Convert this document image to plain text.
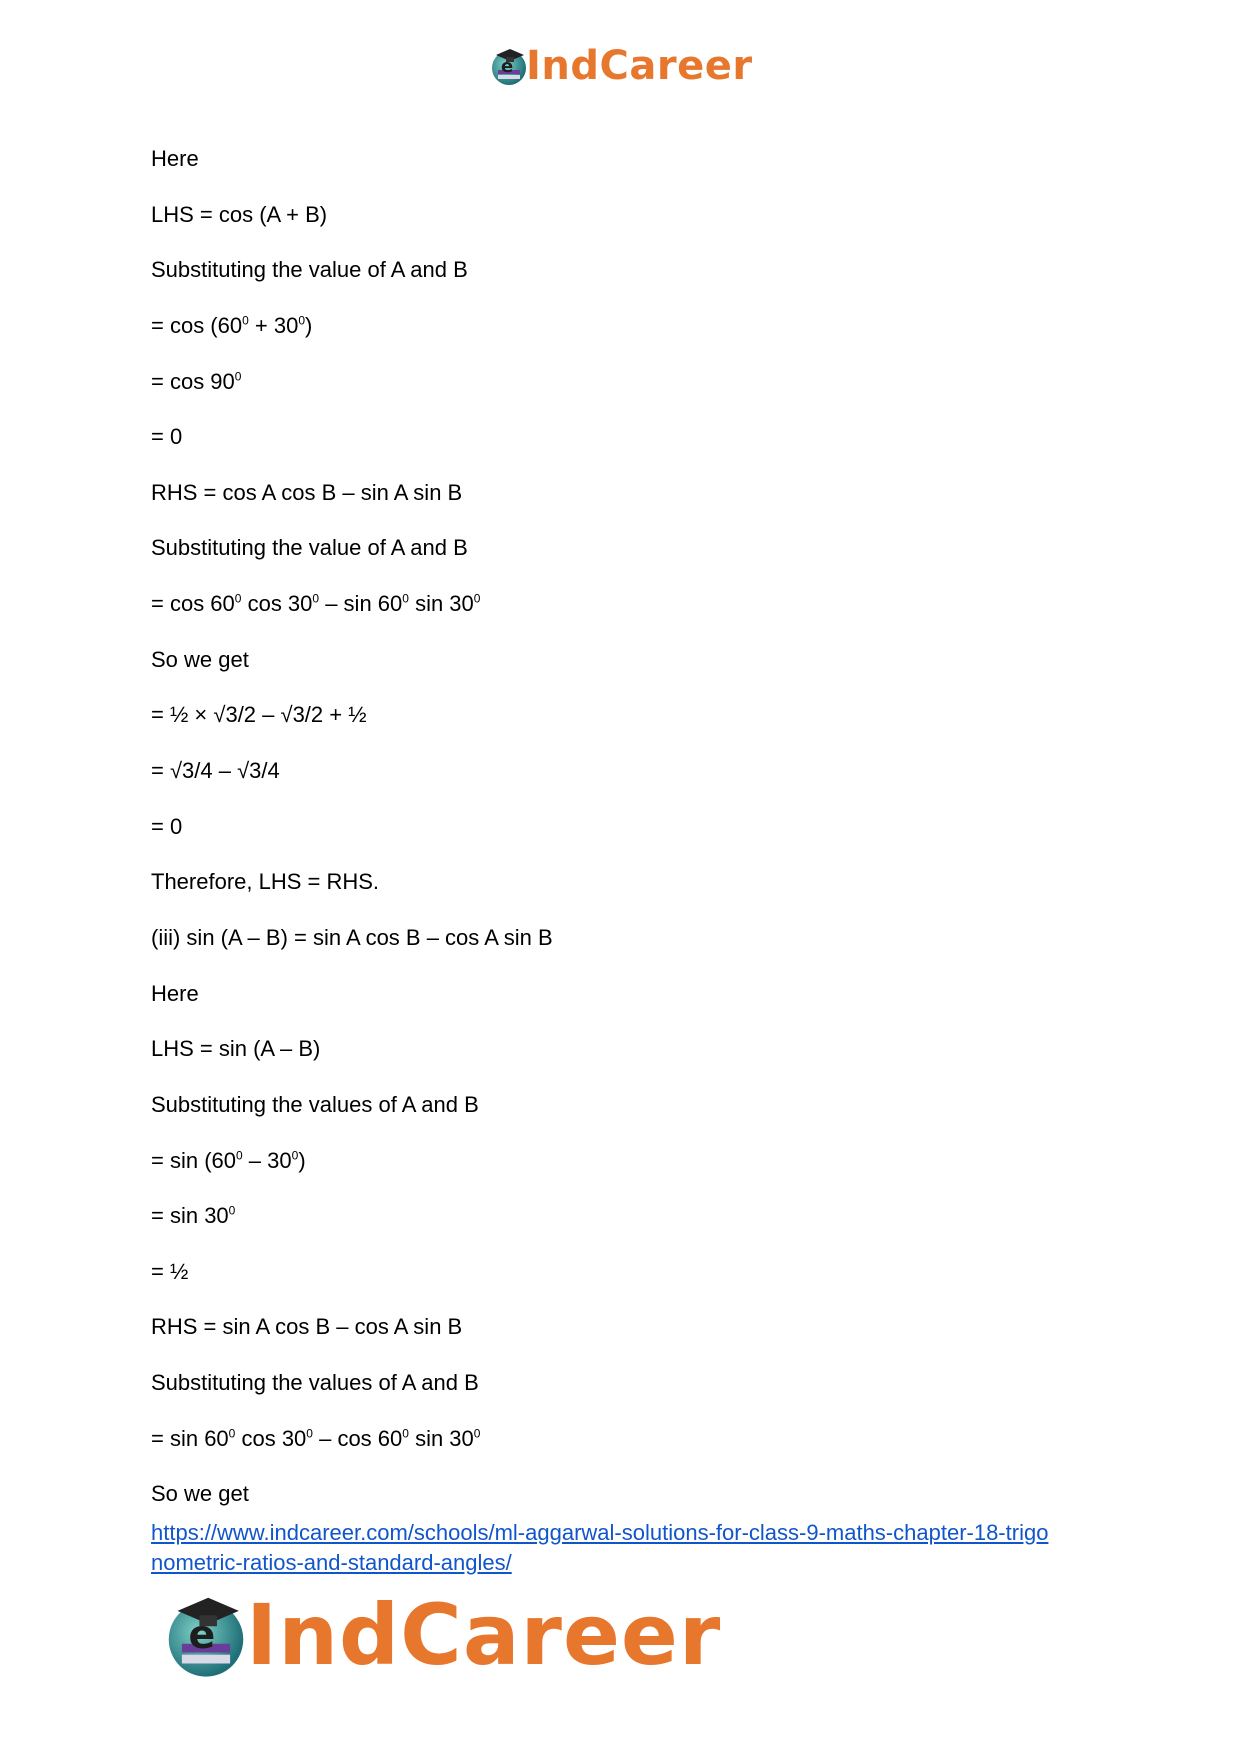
e IndCareer
Here
LHS = cos (A + B)
Substituting the value of A and B
= $\cos (60^0 + 30^0)$
= $\cos 90^0$
= 0
RHS = cos A cos B – sin A sin B
Substituting the value of A and B
= $\cos 60^0$ $\cos 30^0$ – $\sin 60^0$ $\sin 30^0$
So we get
= ½ × √3/2 – √3/2 + ½
= √3/4 – √3/4
= 0
Therefore, LHS = RHS.
(iii) sin (A – B) = sin A cos B – cos A sin B
Here
LHS = sin (A – B)
Substituting the values of A and B
= $\sin (60^0 - 30^0)$
= $\sin 30^0$
= ½
RHS = sin A cos B – cos A sin B
Substituting the values of A and B
= $\sin 60^0$ $\cos 30^0$ – $\cos 60^0$ $\sin 30^0$
So we get
https://www.indcareer.com/schools/ml-aggarwal-solutions-for-class-9-maths-chapter-18-trigo
nometric-ratios-and-standard-angles/
e IndCareer
